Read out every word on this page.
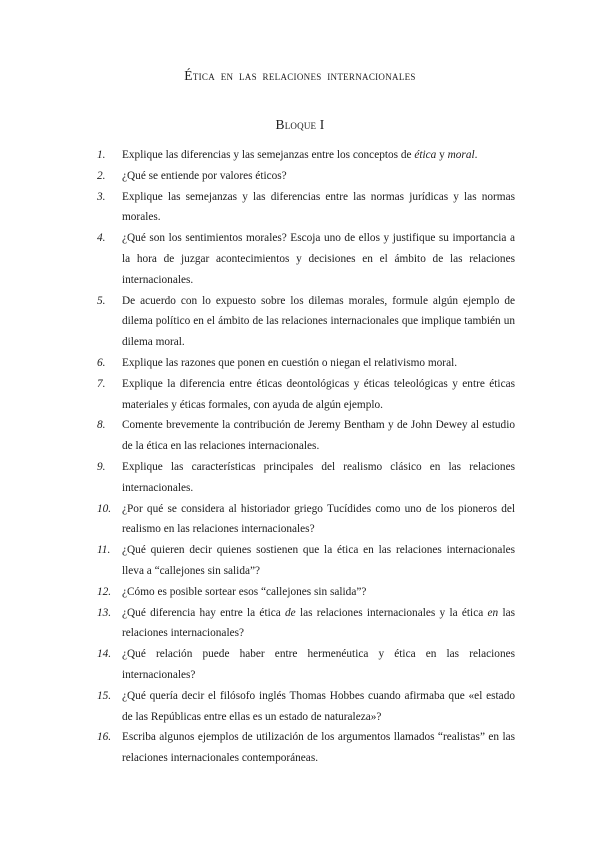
Ética en las relaciones internacionales
Bloque I
1.	Explique las diferencias y las semejanzas entre los conceptos de ética y moral.
2.	¿Qué se entiende por valores éticos?
3.	Explique las semejanzas y las diferencias entre las normas jurídicas y las normas morales.
4.	¿Qué son los sentimientos morales? Escoja uno de ellos y justifique su importancia a la hora de juzgar acontecimientos y decisiones en el ámbito de las relaciones internacionales.
5.	De acuerdo con lo expuesto sobre los dilemas morales, formule algún ejemplo de dilema político en el ámbito de las relaciones internacionales que implique también un dilema moral.
6.	Explique las razones que ponen en cuestión o niegan el relativismo moral.
7.	Explique la diferencia entre éticas deontológicas y éticas teleológicas y entre éticas materiales y éticas formales, con ayuda de algún ejemplo.
8.	Comente brevemente la contribución de Jeremy Bentham y de John Dewey al estudio de la ética en las relaciones internacionales.
9.	Explique las características principales del realismo clásico en las relaciones internacionales.
10. ¿Por qué se considera al historiador griego Tucídides como uno de los pioneros del realismo en las relaciones internacionales?
11.	¿Qué quieren decir quienes sostienen que la ética en las relaciones internacionales lleva a “callejones sin salida”?
12. ¿Cómo es posible sortear esos “callejones sin salida”?
13. ¿Qué diferencia hay entre la ética de las relaciones internacionales y la ética en las relaciones internacionales?
14. ¿Qué relación puede haber entre hermenéutica y ética en las relaciones internacionales?
15. ¿Qué quería decir el filósofo inglés Thomas Hobbes cuando afirmaba que «el estado de las Repúblicas entre ellas es un estado de naturaleza»?
16. Escriba algunos ejemplos de utilización de los argumentos llamados “realistas” en las relaciones internacionales contemporáneas.
